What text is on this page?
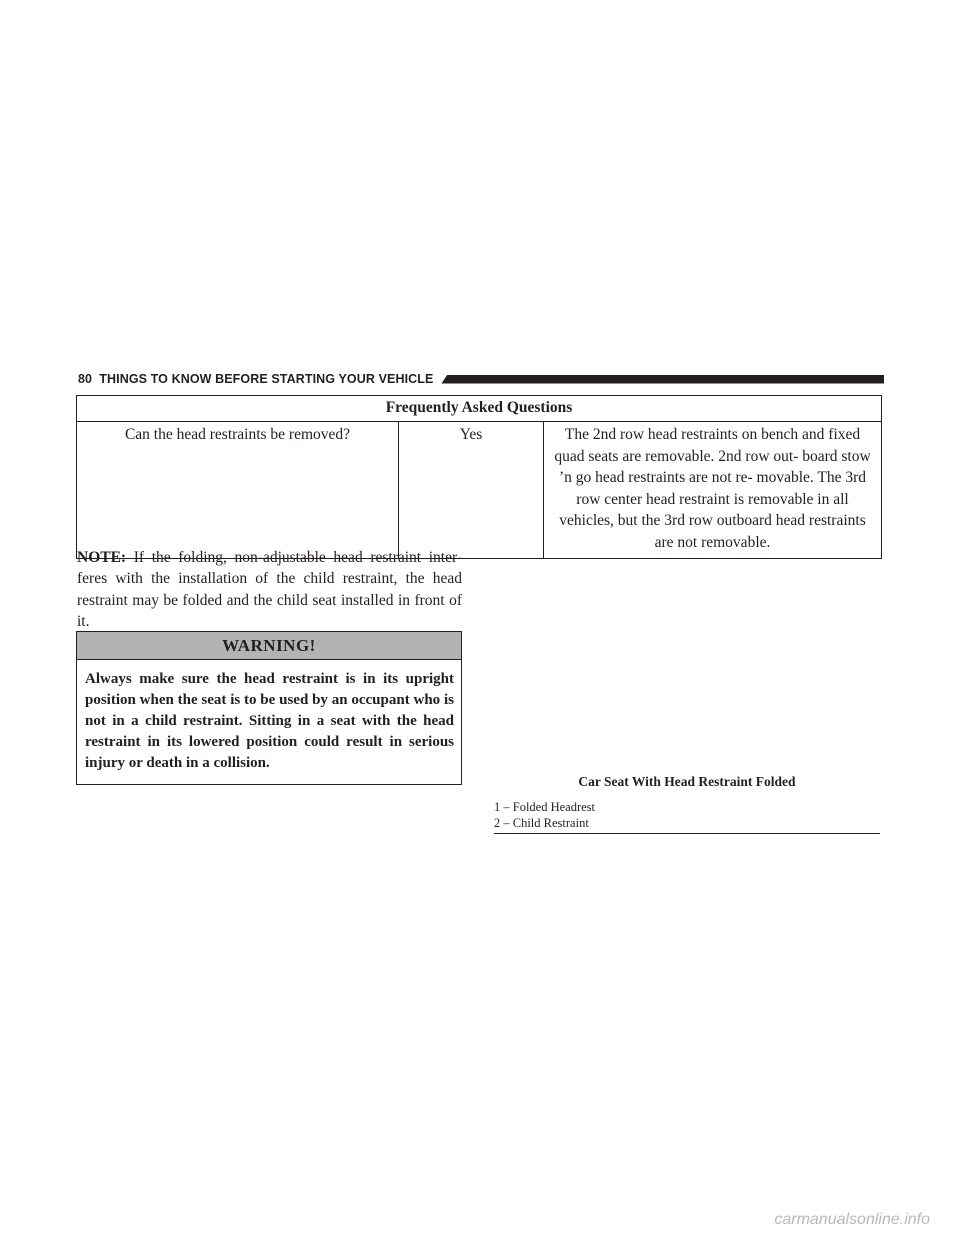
80 THINGS TO KNOW BEFORE STARTING YOUR VEHICLE
Frequently Asked Questions
Can the head restraints be removed?	Yes	The 2nd row head restraints on bench and fixed quad seats are removable. 2nd row out- board stow ’n go head restraints are not re- movable. The 3rd row center head restraint is removable in all vehicles, but the 3rd row outboard head restraints are not removable.

NOTE: If the folding, non-adjustable head restraint inter- feres with the installation of the child restraint, the head restraint may be folded and the child seat installed in front of it.

WARNING!

Always make sure the head restraint is in its upright position when the seat is to be used by an occupant who is not in a child restraint. Sitting in a seat with the head restraint in its lowered position could result in serious injury or death in a collision.

Car Seat With Head Restraint Folded
1 – Folded Headrest
2 – Child Restraint
carmanualsonline.info
